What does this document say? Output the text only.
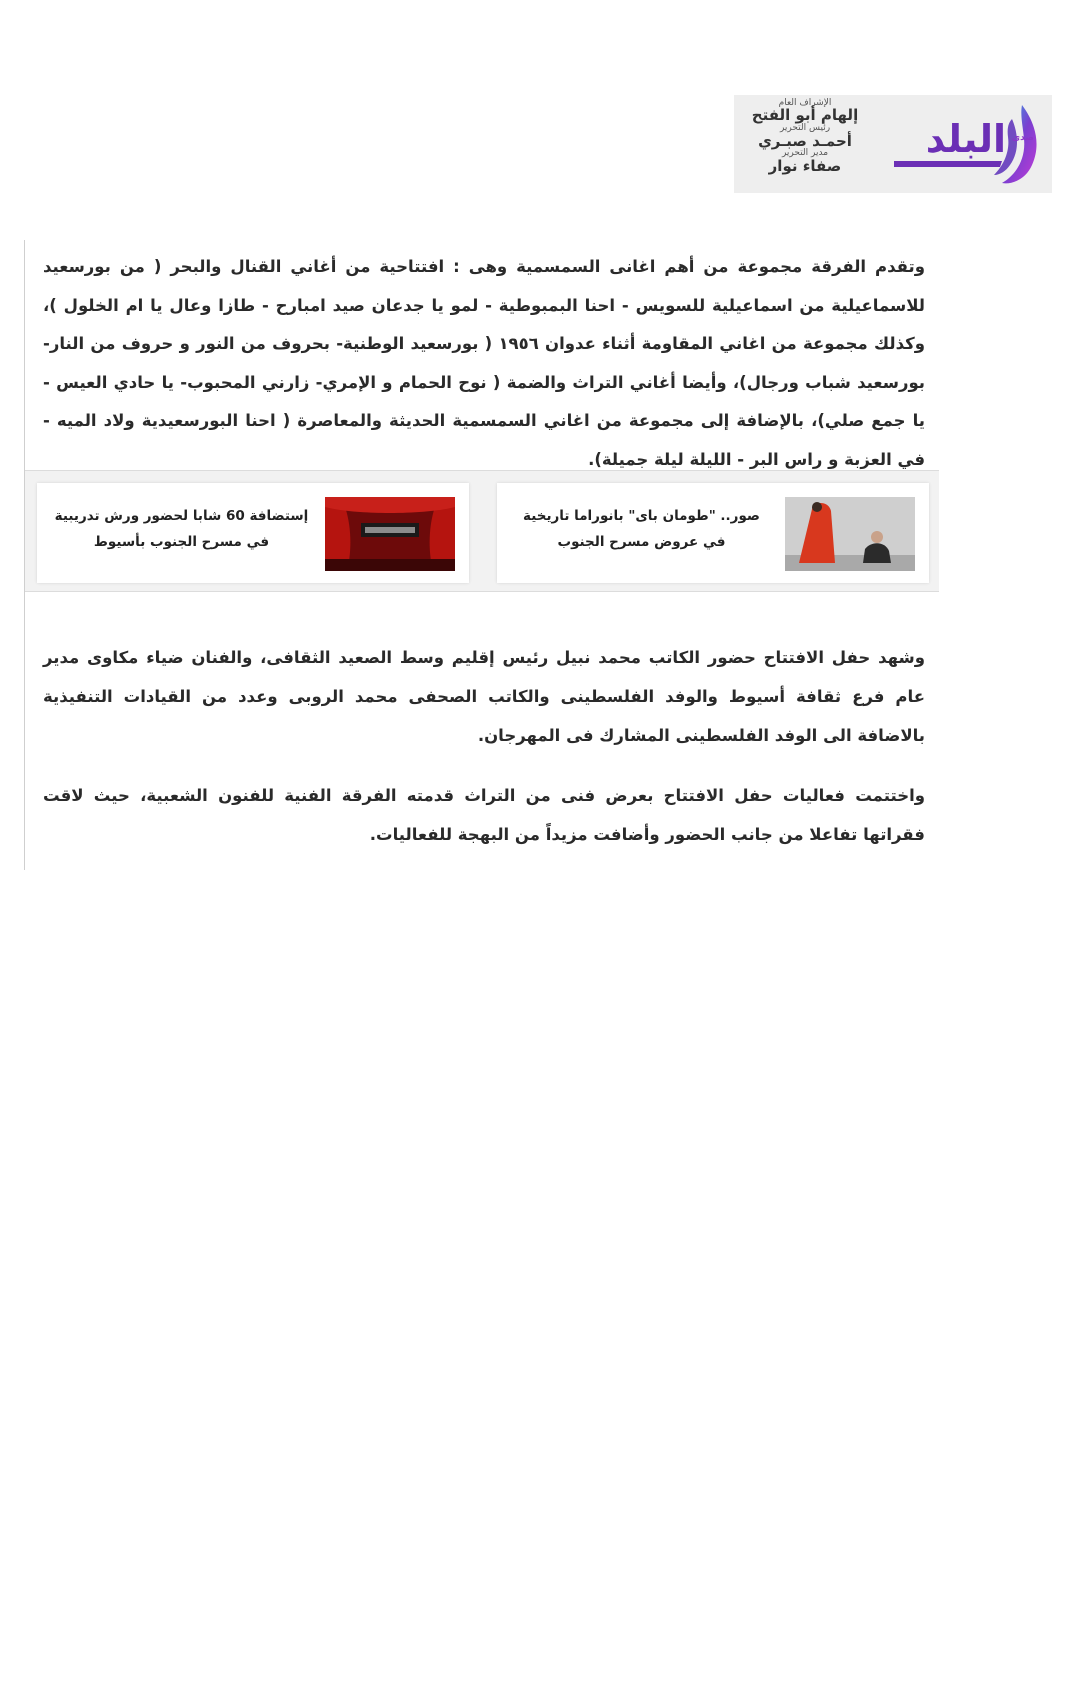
البلد صدى
الإشراف العام
إلهام أبو الفتح
رئيس التحرير
أحمـد صبـري
مدير التحرير
صفاء نوار

وتقدم الفرقة مجموعة من أهم اغانى السمسمية وهى : افتتاحية من أغاني القنال والبحر ( من بورسعيد للاسماعيلية من اسماعيلية للسويس - احنا البمبوطية - لمو يا جدعان صيد امبارح - طازا وعال يا ام الخلول )، وكذلك مجموعة من اغاني المقاومة أثناء عدوان ١٩٥٦ ( بورسعيد الوطنية- بحروف من النور و حروف من النار-بورسعيد شباب ورجال)، وأيضا أغاني التراث والضمة ( نوح الحمام و الإمري- زارني المحبوب- يا حادي العيس - يا جمع صلي)، بالإضافة إلى مجموعة من اغاني السمسمية الحديثة والمعاصرة ( احنا البورسعيدية ولاد الميه - في العزبة و راس البر - الليلة ليلة جميلة).

صور.. "طومان باى" بانوراما تاريخية في عروض مسرح الجنوب
إستضافة 60 شابا لحضور ورش تدريبية في مسرح الجنوب بأسيوط

وشهد حفل الافتتاح حضور الكاتب محمد نبيل رئيس إقليم وسط الصعيد الثقافى، والفنان ضياء مكاوى مدير عام فرع ثقافة أسيوط والوفد الفلسطينى والكاتب الصحفى محمد الروبى وعدد من القيادات التنفيذية بالاضافة الى الوفد الفلسطينى المشارك فى المهرجان.

واختتمت فعاليات حفل الافتتاح بعرض فنى من التراث قدمته الفرقة الفنية للفنون الشعبية، حيث لاقت فقراتها تفاعلا من جانب الحضور وأضافت مزيداً من البهجة للفعاليات.
